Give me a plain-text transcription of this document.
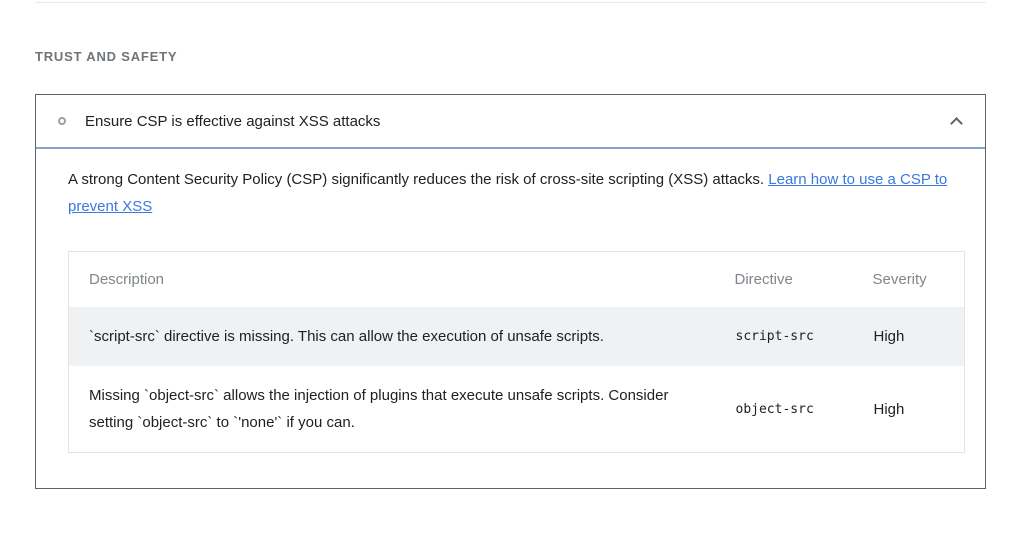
TRUST AND SAFETY
Ensure CSP is effective against XSS attacks

A strong Content Security Policy (CSP) significantly reduces the risk of cross-site scripting (XSS) attacks. Learn how to use a CSP to prevent XSS

Description	Directive	Severity
`script-src` directive is missing. This can allow the execution of unsafe scripts.	script-src	High
Missing `object-src` allows the injection of plugins that execute unsafe scripts. Consider setting `object-src` to `'none'` if you can.	object-src	High
